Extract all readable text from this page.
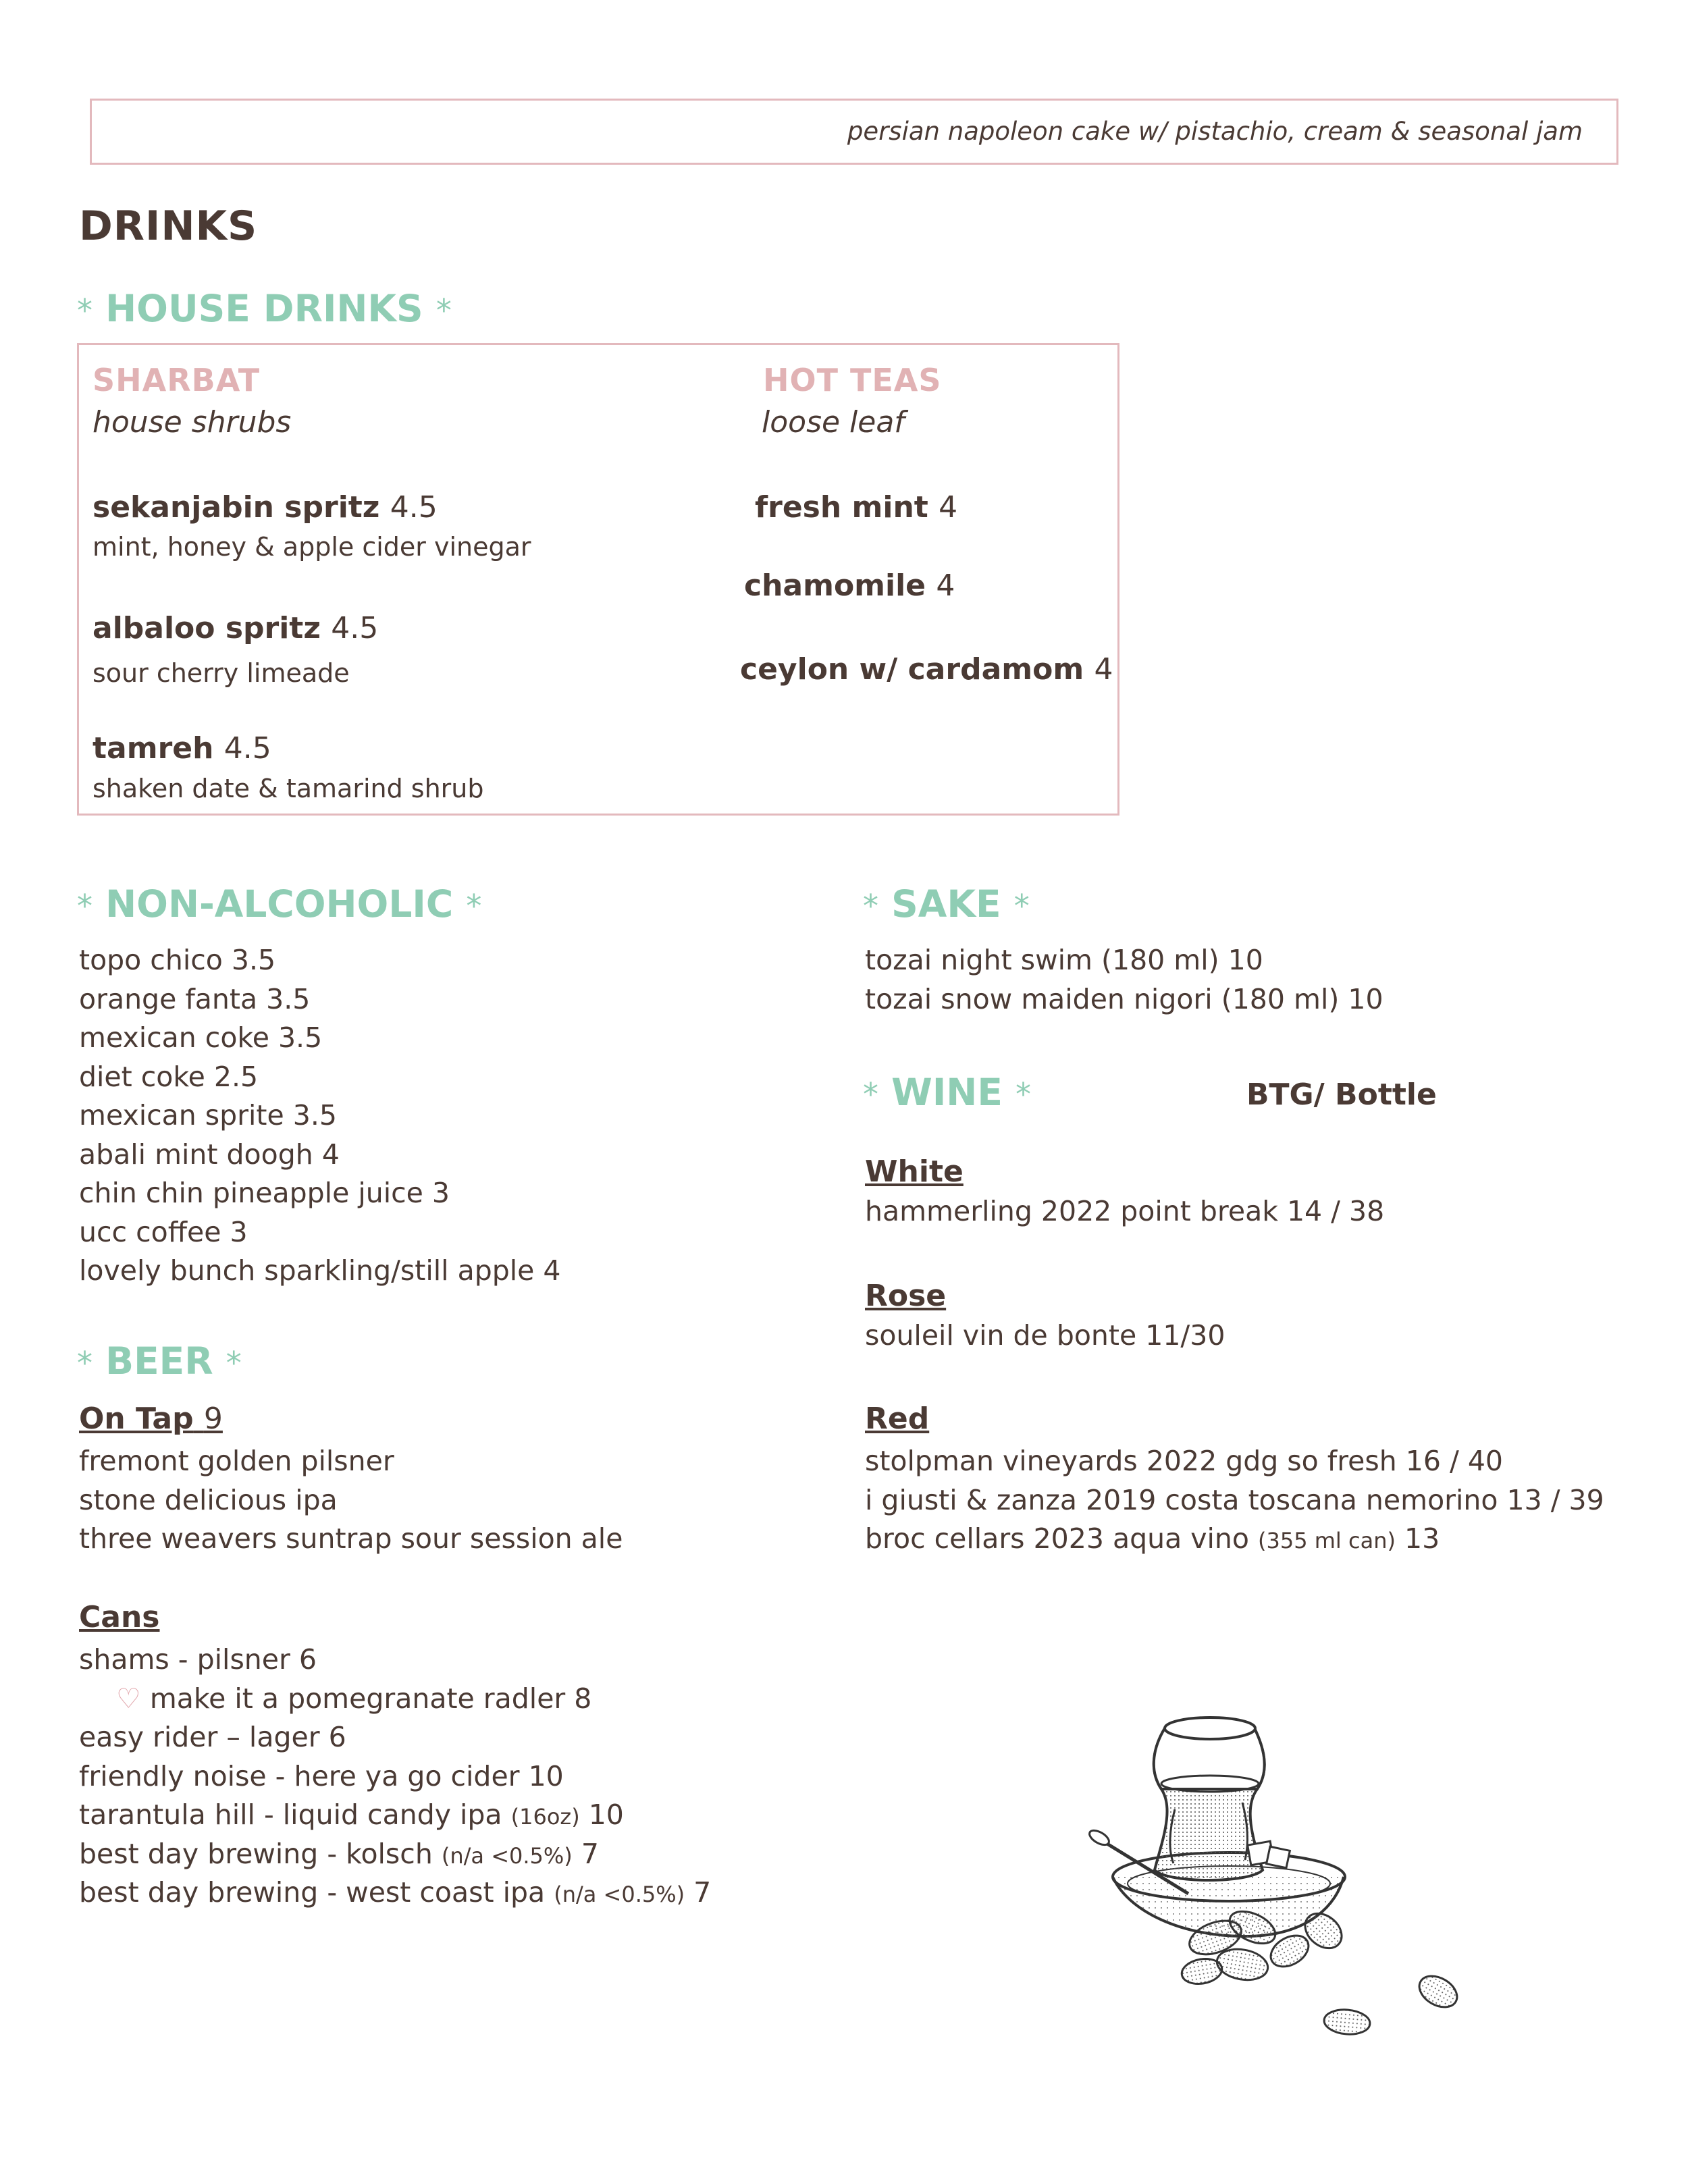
persian napoleon cake w/ pistachio, cream & seasonal jam
DRINKS
* HOUSE DRINKS *
SHARBAT
house shrubs
sekanjabin spritz 4.5
mint, honey & apple cider vinegar
albaloo spritz 4.5
sour cherry limeade
tamreh 4.5
shaken date & tamarind shrub
HOT TEAS
loose leaf
fresh mint 4
chamomile 4
ceylon w/ cardamom 4
* NON-ALCOHOLIC *
topo chico 3.5
orange fanta 3.5
mexican coke 3.5
diet coke 2.5
mexican sprite 3.5
abali mint doogh 4
chin chin pineapple juice 3
ucc coffee 3
lovely bunch sparkling/still apple 4
* BEER *
On Tap 9
fremont golden pilsner
stone delicious ipa
three weavers suntrap sour session ale
Cans
shams - pilsner 6
♡ make it a pomegranate radler 8
easy rider – lager 6
friendly noise - here ya go cider 10
tarantula hill - liquid candy ipa (16oz) 10
best day brewing - kolsch (n/a <0.5%) 7
best day brewing - west coast ipa (n/a <0.5%) 7
* SAKE *
tozai night swim (180 ml) 10
tozai snow maiden nigori (180 ml) 10
* WINE *	BTG/ Bottle
White
hammerling 2022 point break 14 / 38
Rose
souleil vin de bonte 11/30
Red
stolpman vineyards 2022 gdg so fresh 16 / 40
i giusti & zanza 2019 costa toscana nemorino 13 / 39
broc cellars 2023 aqua vino (355 ml can) 13
